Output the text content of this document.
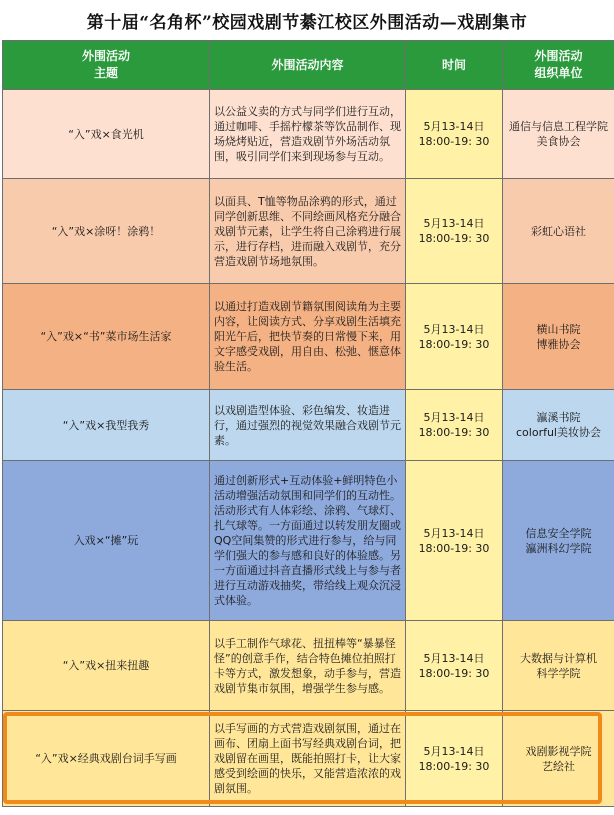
第十届“名角杯”校园戏剧节綦江校区外围活动—戏剧集市
外围活动
主题	外围活动内容	时间	外围活动
组织单位
“入”戏×食光机	以公益义卖的方式与同学们进行互动，通过咖啡、手摇柠檬茶等饮品制作、现场烧烤贴近，营造戏剧节外场活动氛围，吸引同学们来到现场参与互动。	5月13-14日
18:00-19: 30	通信与信息工程学院
美食协会
“入”戏×涂呀！涂鸦！	以面具、T恤等物品涂鸦的形式，通过同学创新思维、不同绘画风格充分融合戏剧节元素，让学生将自己涂鸦进行展示，进行存档，进而融入戏剧节，充分营造戏剧节场地氛围。	5月13-14日
18:00-19: 30	彩虹心语社
“入”戏×“书”菜市场生活家	以通过打造戏剧节籍氛围阅读角为主要内容，让阅读方式、分享戏剧生活填充阳光午后，把快节奏的日常慢下来，用文字感受戏剧，用自由、松弛、惬意体验生活。	5月13-14日
18:00-19: 30	横山书院
博雅协会
“入”戏×我型我秀	以戏剧造型体验、彩色编发、妆造进行，通过强烈的视觉效果融合戏剧节元素。	5月13-14日
18:00-19: 30	瀛溪书院
colorful美妆协会
入戏×“摊”玩	通过创新形式+互动体验+鲜明特色小活动增强活动氛围和同学们的互动性。活动形式有人体彩绘、涂鸦、气球灯、扎气球等。一方面通过以转发朋友圈或QQ空间集赞的形式进行参与，给与同学们强大的参与感和良好的体验感。另一方面通过抖音直播形式线上与参与者进行互动游戏抽奖，带给线上观众沉浸式体验。	5月13-14日
18:00-19: 30	信息安全学院
瀛洲科幻学院
“入”戏×扭来扭趣	以手工制作气球花、扭扭棒等“暴暴怪怪”的创意手作，结合特色摊位拍照打卡等方式，激发想象，动手参与，营造戏剧节集市氛围，增强学生参与感。	5月13-14日
18:00-19: 30	大数据与计算机
科学学院
“入”戏×经典戏剧台词手写画	以手写画的方式营造戏剧氛围，通过在画布、团扇上面书写经典戏剧台词，把戏剧留在画里，既能拍照打卡，让大家感受到绘画的快乐，又能营造浓浓的戏剧氛围。	5月13-14日
18:00-19: 30	戏剧影视学院
艺绘社
